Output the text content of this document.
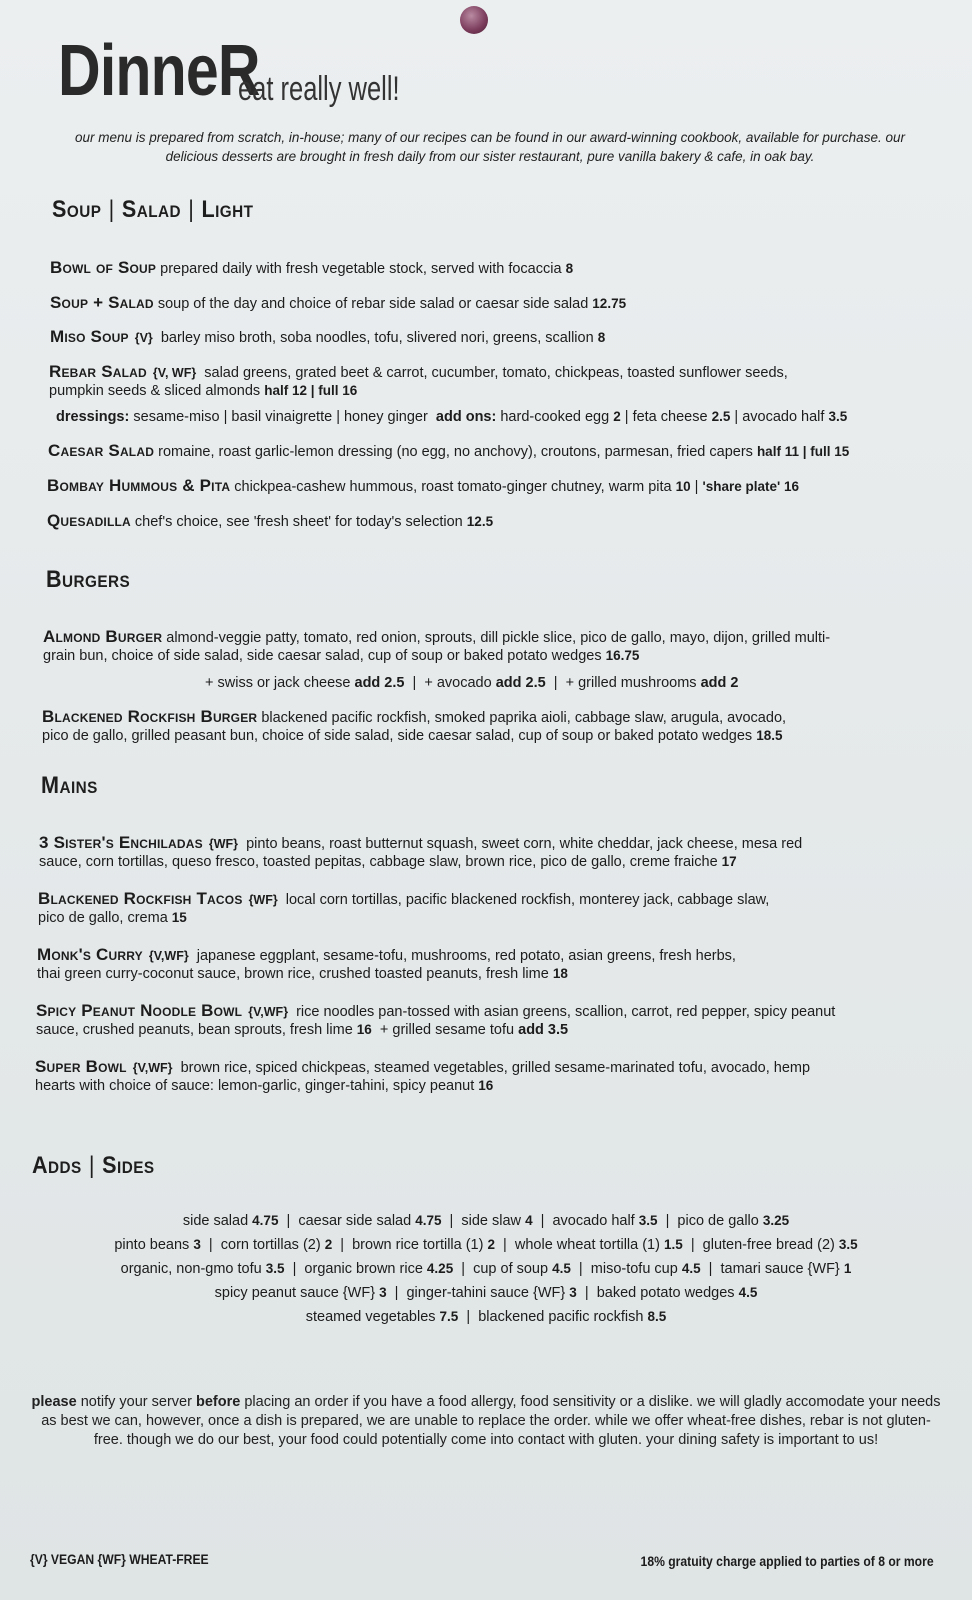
DinneR
eat really well!
our menu is prepared from scratch, in-house; many of our recipes can be found in our award-winning cookbook, available for purchase. our delicious desserts are brought in fresh daily from our sister restaurant, pure vanilla bakery & cafe, in oak bay.
Soup | Salad | Light
Bowl of Soup prepared daily with fresh vegetable stock, served with focaccia 8
Soup + Salad soup of the day and choice of rebar side salad or caesar side salad 12.75
Miso Soup {V} barley miso broth, soba noodles, tofu, slivered nori, greens, scallion 8
Rebar Salad {V, WF} salad greens, grated beet & carrot, cucumber, tomato, chickpeas, toasted sunflower seeds,
pumpkin seeds & sliced almonds half 12 | full 16
dressings: sesame-miso | basil vinaigrette | honey ginger add ons: hard-cooked egg 2 | feta cheese 2.5 | avocado half 3.5
Caesar Salad romaine, roast garlic-lemon dressing (no egg, no anchovy), croutons, parmesan, fried capers half 11 | full 15
Bombay Hummous & Pita chickpea-cashew hummous, roast tomato-ginger chutney, warm pita 10 | 'share plate' 16
Quesadilla chef's choice, see 'fresh sheet' for today's selection 12.5
Burgers
Almond Burger almond-veggie patty, tomato, red onion, sprouts, dill pickle slice, pico de gallo, mayo, dijon, grilled multi-
grain bun, choice of side salad, side caesar salad, cup of soup or baked potato wedges 16.75
+ swiss or jack cheese add 2.5  |  + avocado add 2.5  |  + grilled mushrooms add 2
Blackened Rockfish Burger blackened pacific rockfish, smoked paprika aioli, cabbage slaw, arugula, avocado,
pico de gallo, grilled peasant bun, choice of side salad, side caesar salad, cup of soup or baked potato wedges 18.5
Mains
3 Sister's Enchiladas {WF} pinto beans, roast butternut squash, sweet corn, white cheddar, jack cheese, mesa red
sauce, corn tortillas, queso fresco, toasted pepitas, cabbage slaw, brown rice, pico de gallo, creme fraiche 17
Blackened Rockfish Tacos {WF} local corn tortillas, pacific blackened rockfish, monterey jack, cabbage slaw,
pico de gallo, crema 15
Monk's Curry {V,WF} japanese eggplant, sesame-tofu, mushrooms, red potato, asian greens, fresh herbs,
thai green curry-coconut sauce, brown rice, crushed toasted peanuts, fresh lime 18
Spicy Peanut Noodle Bowl {V,WF} rice noodles pan-tossed with asian greens, scallion, carrot, red pepper, spicy peanut
sauce, crushed peanuts, bean sprouts, fresh lime 16 + grilled sesame tofu add 3.5
Super Bowl {V,WF} brown rice, spiced chickpeas, steamed vegetables, grilled sesame-marinated tofu, avocado, hemp
hearts with choice of sauce: lemon-garlic, ginger-tahini, spicy peanut 16
Adds | Sides
side salad 4.75  |  caesar side salad 4.75  |  side slaw 4  |  avocado half 3.5  |  pico de gallo 3.25
pinto beans 3  |  corn tortillas (2) 2  |  brown rice tortilla (1) 2  |  whole wheat tortilla (1) 1.5  |  gluten-free bread (2) 3.5
organic, non-gmo tofu 3.5  |  organic brown rice 4.25  |  cup of soup 4.5  |  miso-tofu cup 4.5  |  tamari sauce {WF} 1
spicy peanut sauce {WF} 3  |  ginger-tahini sauce {WF} 3  |  baked potato wedges 4.5
steamed vegetables 7.5  |  blackened pacific rockfish 8.5
please notify your server before placing an order if you have a food allergy, food sensitivity or a dislike. we will gladly accomodate your needs as best we can, however, once a dish is prepared, we are unable to replace the order. while we offer wheat-free dishes, rebar is not gluten-free. though we do our best, your food could potentially come into contact with gluten. your dining safety is important to us!
{V} VEGAN {WF} WHEAT-FREE	18% gratuity charge applied to parties of 8 or more
